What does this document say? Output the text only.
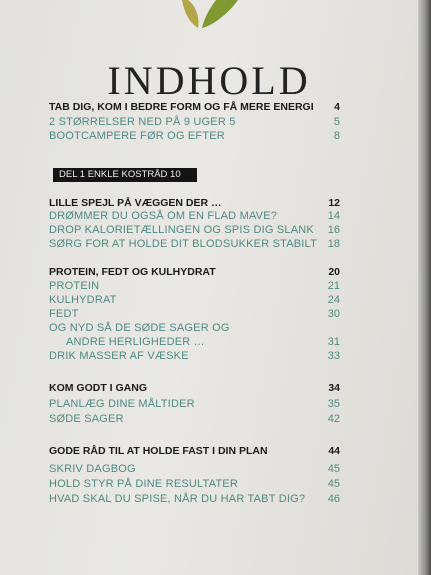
INDHOLD
TAB DIG, KOM I BEDRE FORM OG FÅ MERE ENERGI	4
2 STØRRELSER NED PÅ 9 UGER 5	5
BOOTCAMPERE FØR OG EFTER	8
DEL 1 ENKLE KOSTRÅD 10
LILLE SPEJL PÅ VÆGGEN DER …	12
DRØMMER DU OGSÅ OM EN FLAD MAVE?	14
DROP KALORIETÆLLINGEN OG SPIS DIG SLANK	16
SØRG FOR AT HOLDE DIT BLODSUKKER STABILT 18
PROTEIN, FEDT OG KULHYDRAT	20
PROTEIN	21
KULHYDRAT	24
FEDT	30
OG NYD SÅ DE SØDE SAGER OG
ANDRE HERLIGHEDER …	31
DRIK MASSER AF VÆSKE	33
KOM GODT I GANG	34
PLANLÆG DINE MÅLTIDER	35
SØDE SAGER	42
GODE RÅD TIL AT HOLDE FAST I DIN PLAN	44
SKRIV DAGBOG	45
HOLD STYR PÅ DINE RESULTATER	45
HVAD SKAL DU SPISE, NÅR DU HAR TABT DIG?	46
